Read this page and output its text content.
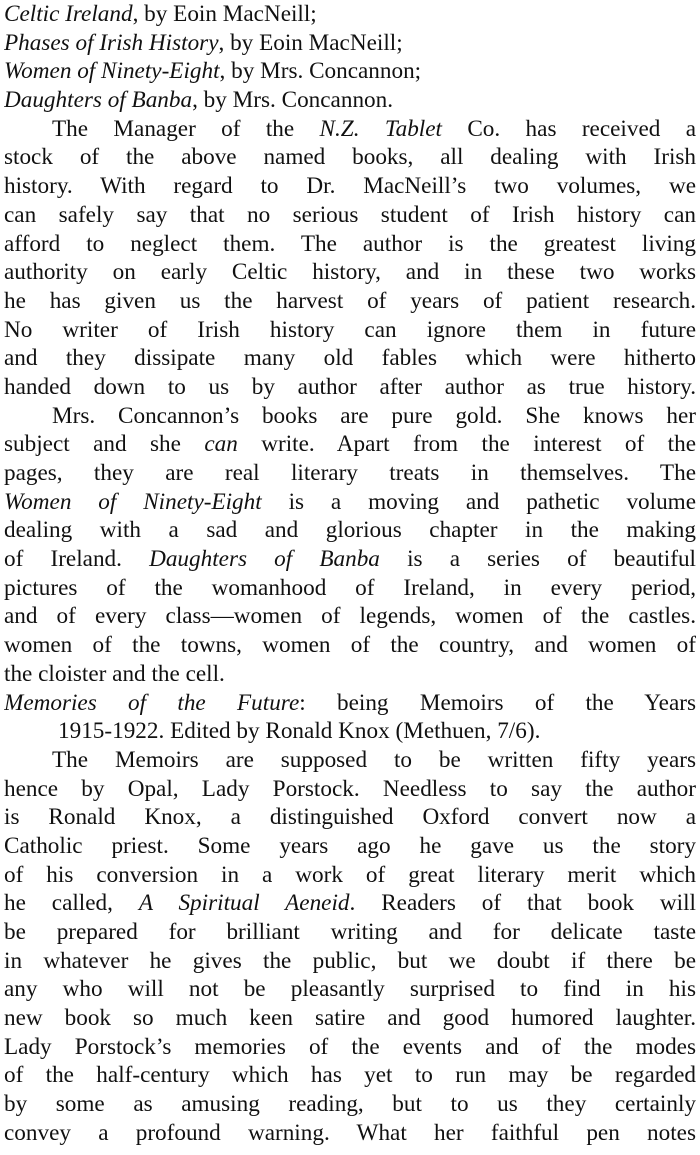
Celtic Ireland, by Eoin MacNeill;
Phases of Irish History, by Eoin MacNeill;
Women of Ninety-Eight, by Mrs. Concannon;
Daughters of Banba, by Mrs. Concannon.
The Manager of the N.Z. Tablet Co. has received a
stock of the above named books, all dealing with Irish
history. With regard to Dr. MacNeill’s two volumes, we
can safely say that no serious student of Irish history can
afford to neglect them. The author is the greatest living
authority on early Celtic history, and in these two works
he has given us the harvest of years of patient research.
No writer of Irish history can ignore them in future
and they dissipate many old fables which were hitherto
handed down to us by author after author as true history.
Mrs. Concannon’s books are pure gold. She knows her
subject and she can write. Apart from the interest of the
pages, they are real literary treats in themselves. The
Women of Ninety-Eight is a moving and pathetic volume
dealing with a sad and glorious chapter in the making
of Ireland. Daughters of Banba is a series of beautiful
pictures of the womanhood of Ireland, in every period,
and of every class—women of legends, women of the castles.
women of the towns, women of the country, and women of
the cloister and the cell.
Memories of the Future: being Memoirs of the Years
1915-1922. Edited by Ronald Knox (Methuen, 7/6).
The Memoirs are supposed to be written fifty years
hence by Opal, Lady Porstock. Needless to say the author
is Ronald Knox, a distinguished Oxford convert now a
Catholic priest. Some years ago he gave us the story
of his conversion in a work of great literary merit which
he called, A Spiritual Aeneid. Readers of that book will
be prepared for brilliant writing and for delicate taste
in whatever he gives the public, but we doubt if there be
any who will not be pleasantly surprised to find in his
new book so much keen satire and good humored laughter.
Lady Porstock’s memories of the events and of the modes
of the half-century which has yet to run may be regarded
by some as amusing reading, but to us they certainly
convey a profound warning. What her faithful pen notes
